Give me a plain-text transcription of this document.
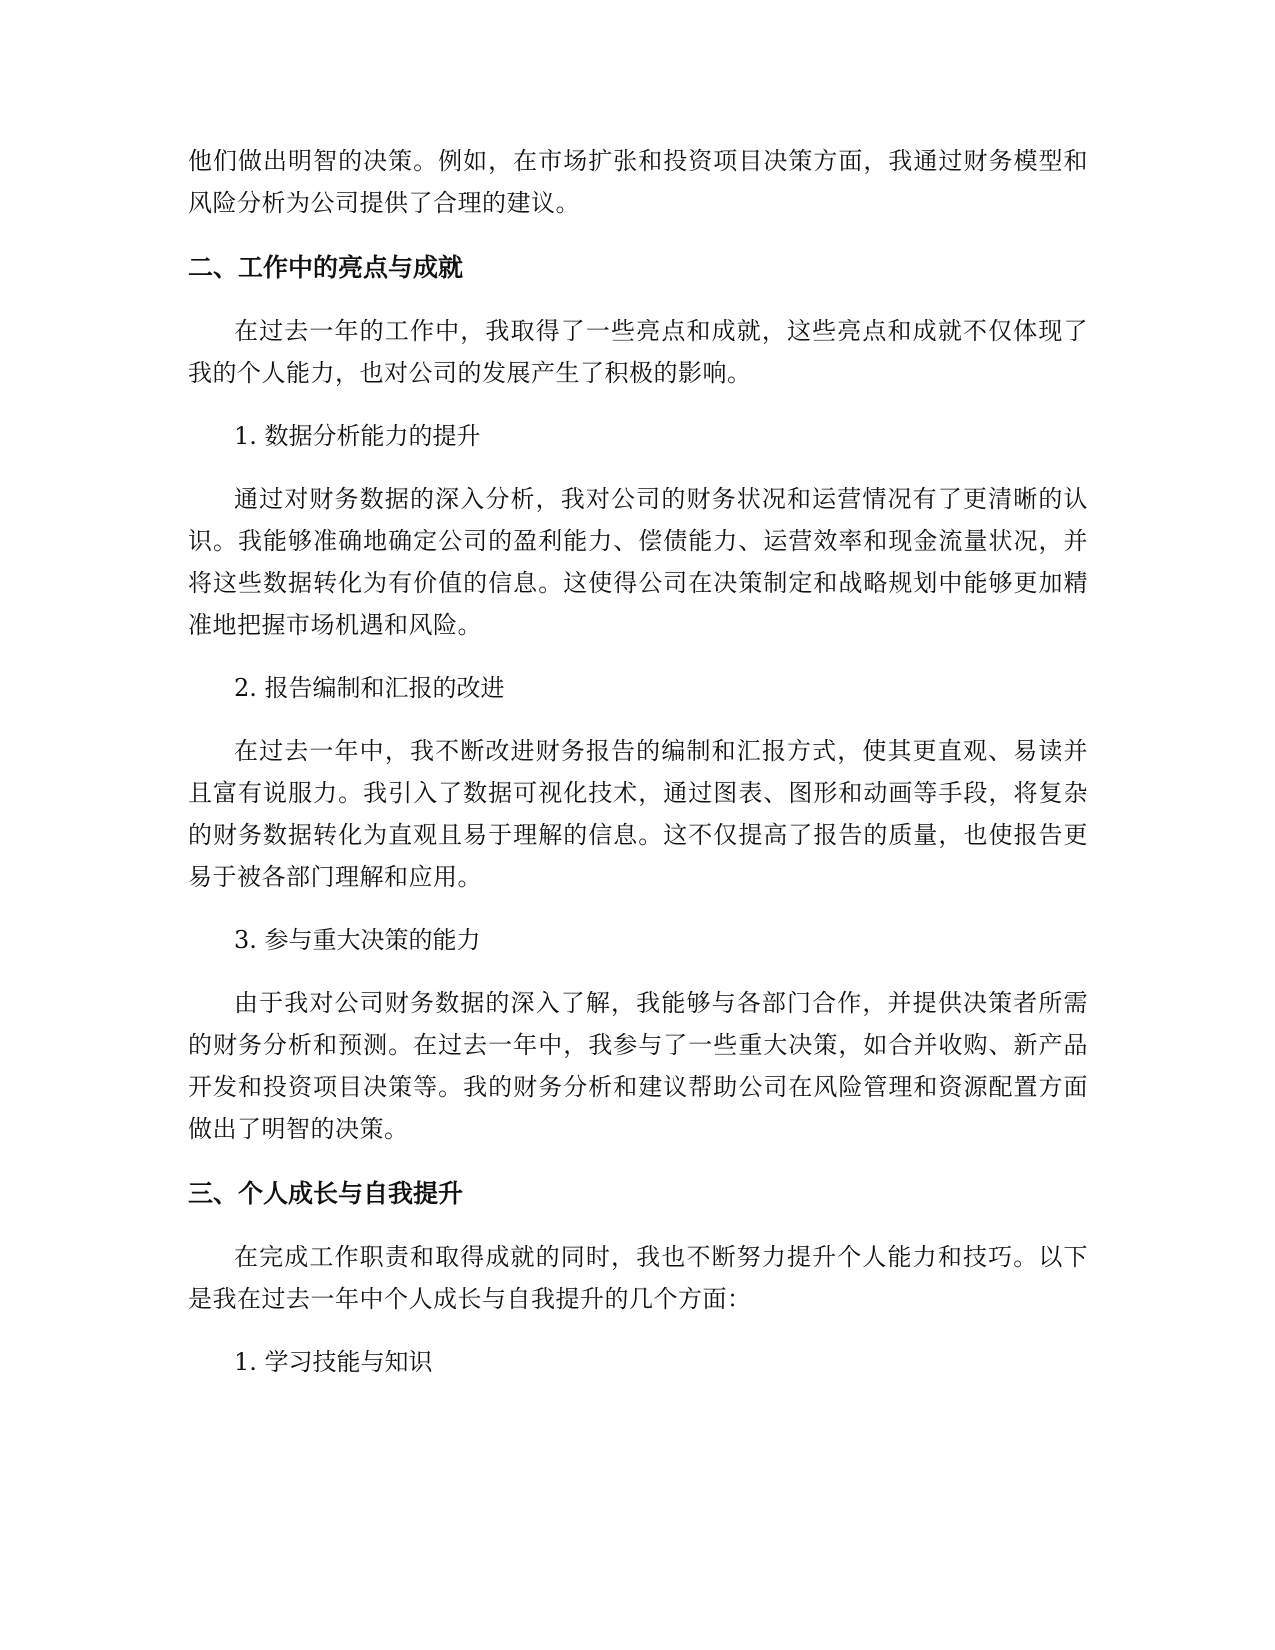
他们做出明智的决策。例如，在市场扩张和投资项目决策方面，我通过财务模型和风险分析为公司提供了合理的建议。

二、工作中的亮点与成就

在过去一年的工作中，我取得了一些亮点和成就，这些亮点和成就不仅体现了我的个人能力，也对公司的发展产生了积极的影响。

1. 数据分析能力的提升

通过对财务数据的深入分析，我对公司的财务状况和运营情况有了更清晰的认识。我能够准确地确定公司的盈利能力、偿债能力、运营效率和现金流量状况，并将这些数据转化为有价值的信息。这使得公司在决策制定和战略规划中能够更加精准地把握市场机遇和风险。

2. 报告编制和汇报的改进

在过去一年中，我不断改进财务报告的编制和汇报方式，使其更直观、易读并且富有说服力。我引入了数据可视化技术，通过图表、图形和动画等手段，将复杂的财务数据转化为直观且易于理解的信息。这不仅提高了报告的质量，也使报告更易于被各部门理解和应用。

3. 参与重大决策的能力

由于我对公司财务数据的深入了解，我能够与各部门合作，并提供决策者所需的财务分析和预测。在过去一年中，我参与了一些重大决策，如合并收购、新产品开发和投资项目决策等。我的财务分析和建议帮助公司在风险管理和资源配置方面做出了明智的决策。

三、个人成长与自我提升

在完成工作职责和取得成就的同时，我也不断努力提升个人能力和技巧。以下是我在过去一年中个人成长与自我提升的几个方面：

1. 学习技能与知识
